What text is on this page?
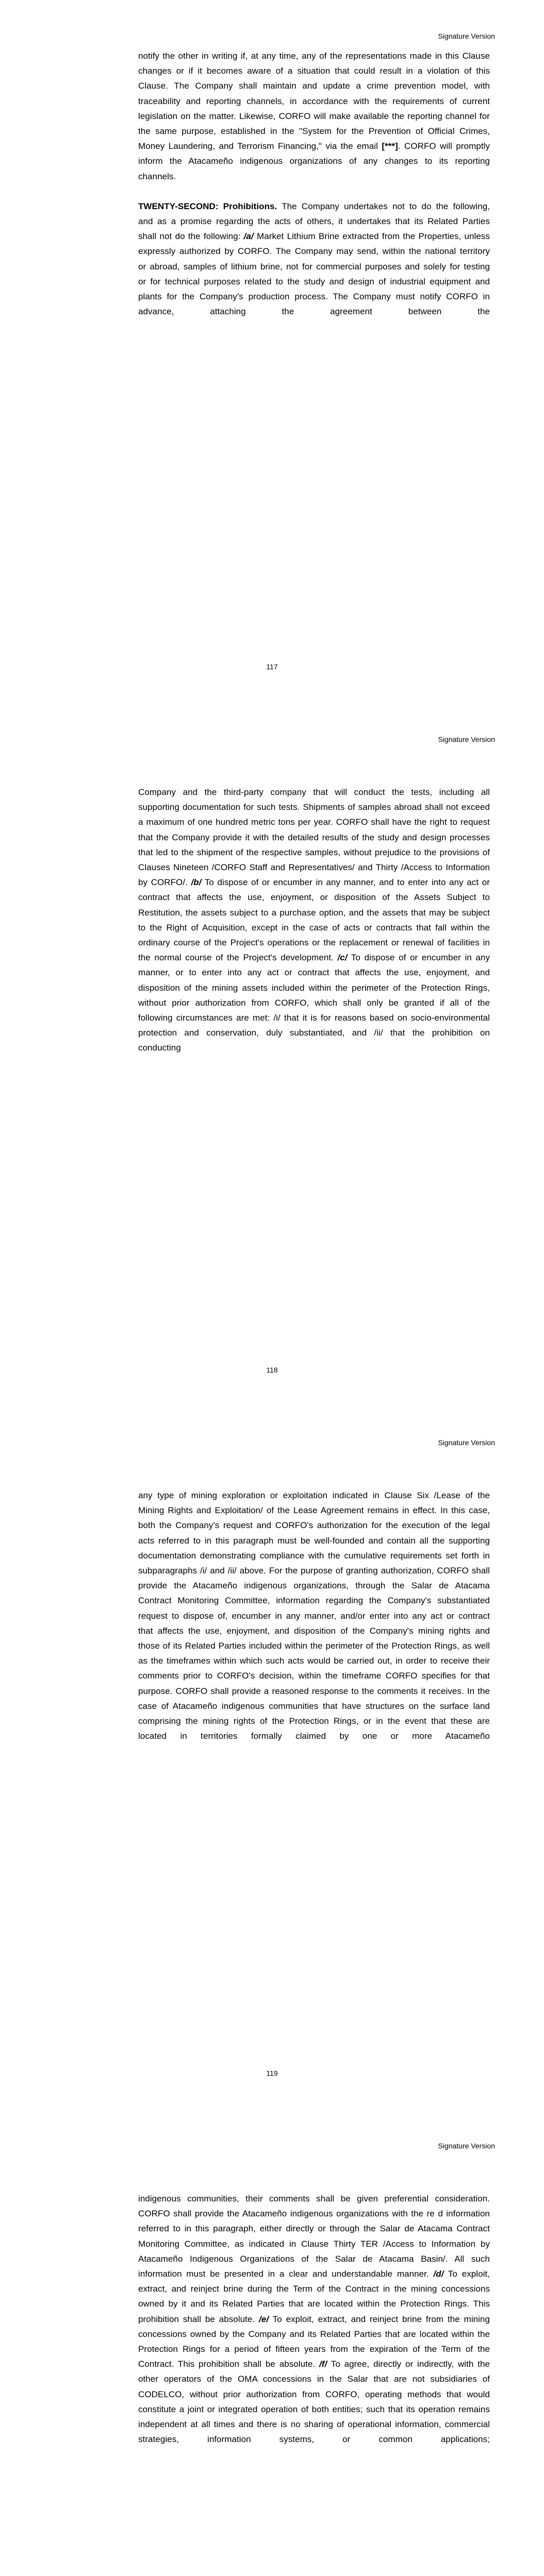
Signature Version

notify the other in writing if, at any time, any of the representations made in this Clause changes or if it becomes aware of a situation that could result in a violation of this Clause. The Company shall maintain and update a crime prevention model, with traceability and reporting channels, in accordance with the requirements of current legislation on the matter. Likewise, CORFO will make available the reporting channel for the same purpose, established in the "System for the Prevention of Official Crimes, Money Laundering, and Terrorism Financing," via the email [***]. CORFO will promptly inform the Atacameño indigenous organizations of any changes to its reporting channels.

TWENTY-SECOND: Prohibitions. The Company undertakes not to do the following, and as a promise regarding the acts of others, it undertakes that its Related Parties shall not do the following: /a/ Market Lithium Brine extracted from the Properties, unless expressly authorized by CORFO. The Company may send, within the national territory or abroad, samples of lithium brine, not for commercial purposes and solely for testing or for technical purposes related to the study and design of industrial equipment and plants for the Company's production process. The Company must notify CORFO in advance, attaching the agreement between the

117
Signature Version

Company and the third-party company that will conduct the tests, including all supporting documentation for such tests. Shipments of samples abroad shall not exceed a maximum of one hundred metric tons per year. CORFO shall have the right to request that the Company provide it with the detailed results of the study and design processes that led to the shipment of the respective samples, without prejudice to the provisions of Clauses Nineteen /CORFO Staff and Representatives/ and Thirty /Access to Information by CORFO/. /b/ To dispose of or encumber in any manner, and to enter into any act or contract that affects the use, enjoyment, or disposition of the Assets Subject to Restitution, the assets subject to a purchase option, and the assets that may be subject to the Right of Acquisition, except in the case of acts or contracts that fall within the ordinary course of the Project's operations or the replacement or renewal of facilities in the normal course of the Project's development. /c/ To dispose of or encumber in any manner, or to enter into any act or contract that affects the use, enjoyment, and disposition of the mining assets included within the perimeter of the Protection Rings, without prior authorization from CORFO, which shall only be granted if all of the following circumstances are met: /i/ that it is for reasons based on socio-environmental protection and conservation, duly substantiated, and /ii/ that the prohibition on conducting

118
Signature Version

any type of mining exploration or exploitation indicated in Clause Six /Lease of the Mining Rights and Exploitation/ of the Lease Agreement remains in effect. In this case, both the Company's request and CORFO's authorization for the execution of the legal acts referred to in this paragraph must be well-founded and contain all the supporting documentation demonstrating compliance with the cumulative requirements set forth in subparagraphs /i/ and /ii/ above. For the purpose of granting authorization, CORFO shall provide the Atacameño indigenous organizations, through the Salar de Atacama Contract Monitoring Committee, information regarding the Company's substantiated request to dispose of, encumber in any manner, and/or enter into any act or contract that affects the use, enjoyment, and disposition of the Company's mining rights and those of its Related Parties included within the perimeter of the Protection Rings, as well as the timeframes within which such acts would be carried out, in order to receive their comments prior to CORFO's decision, within the timeframe CORFO specifies for that purpose. CORFO shall provide a reasoned response to the comments it receives. In the case of Atacameño indigenous communities that have structures on the surface land comprising the mining rights of the Protection Rings, or in the event that these are located in territories formally claimed by one or more Atacameño

119
Signature Version

indigenous communities, their comments shall be given preferential consideration. CORFO shall provide the Atacameño indigenous organizations with the re d information referred to in this paragraph, either directly or through the Salar de Atacama Contract Monitoring Committee, as indicated in Clause Thirty TER /Access to Information by Atacameño Indigenous Organizations of the Salar de Atacama Basin/. All such information must be presented in a clear and understandable manner. /d/ To exploit, extract, and reinject brine during the Term of the Contract in the mining concessions owned by it and its Related Parties that are located within the Protection Rings. This prohibition shall be absolute. /e/ To exploit, extract, and reinject brine from the mining concessions owned by the Company and its Related Parties that are located within the Protection Rings for a period of fifteen years from the expiration of the Term of the Contract. This prohibition shall be absolute. /f/ To agree, directly or indirectly, with the other operators of the OMA concessions in the Salar that are not subsidiaries of CODELCO, without prior authorization from CORFO, operating methods that would constitute a joint or integrated operation of both entities; such that its operation remains independent at all times and there is no sharing of operational information, commercial strategies, information systems, or common applications;
